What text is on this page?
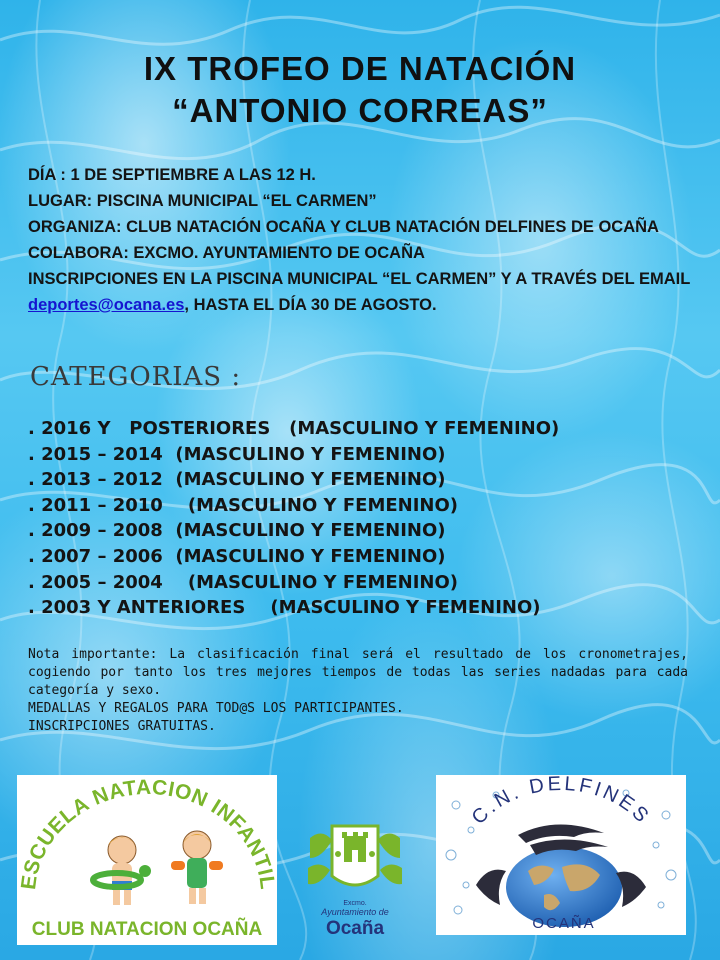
IX TROFEO DE NATACIÓN
“ANTONIO CORREAS”

DÍA : 1 DE SEPTIEMBRE A LAS 12 H.

LUGAR: PISCINA MUNICIPAL “EL CARMEN”

ORGANIZA: CLUB NATACIÓN OCAÑA Y CLUB NATACIÓN DELFINES DE OCAÑA

COLABORA: EXCMO. AYUNTAMIENTO DE OCAÑA

INSCRIPCIONES EN LA PISCINA MUNICIPAL “EL CARMEN” Y A TRAVÉS DEL EMAIL deportes@ocana.es, HASTA EL DÍA 30 DE AGOSTO.

CATEGORIAS :
. 2016 Y   POSTERIORES   (MASCULINO Y FEMENINO)
. 2015 – 2014  (MASCULINO Y FEMENINO)
. 2013 – 2012  (MASCULINO Y FEMENINO)
. 2011 – 2010    (MASCULINO Y FEMENINO)
. 2009 – 2008  (MASCULINO Y FEMENINO)
. 2007 – 2006  (MASCULINO Y FEMENINO)
. 2005 – 2004    (MASCULINO Y FEMENINO)
. 2003 Y ANTERIORES    (MASCULINO Y FEMENINO)

Nota importante: La clasificación final será el resultado de los cronometrajes, cogiendo por tanto los tres mejores tiempos de todas las series nadadas para cada categoría y sexo.

MEDALLAS Y REGALOS PARA TOD@S LOS PARTICIPANTES.

INSCRIPCIONES GRATUITAS.

ESCUELA NATACION INFANTIL
CLUB NATACION OCAÑA
Excmo.
Ayuntamiento de
Ocaña
C.N. DELFINES
OCAÑA
